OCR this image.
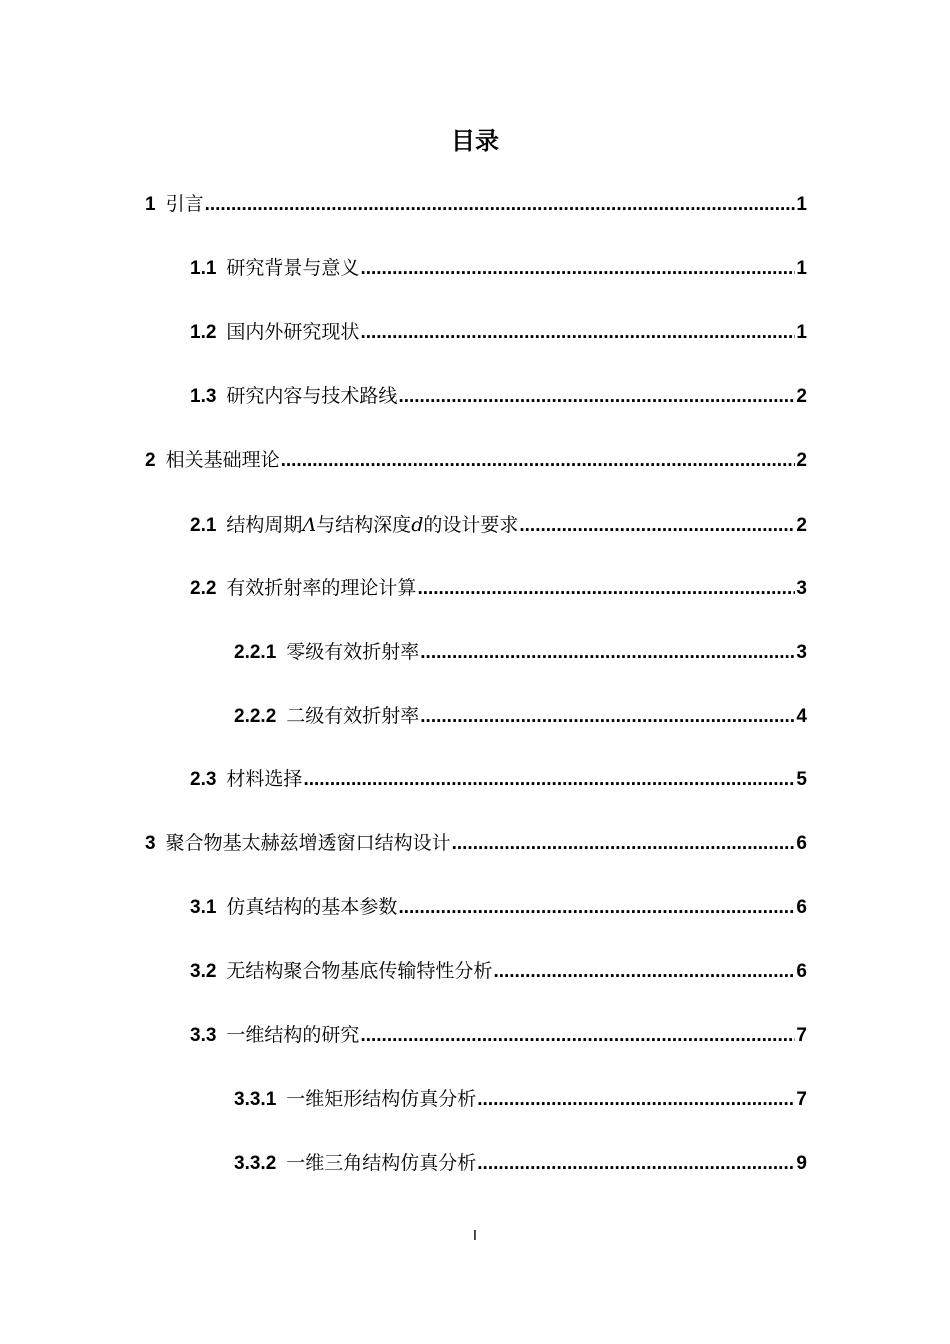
目录
1 引言 .....	1
1.1 研究背景与意义 .....	1
1.2 国内外研究现状 .....	1
1.3 研究内容与技术路线 .....	2
2 相关基础理论 .....	2
2.1 结构周期Λ与结构深度d的设计要求 .....	2
2.2 有效折射率的理论计算 .....	3
2.2.1 零级有效折射率 .....	3
2.2.2 二级有效折射率 .....	4
2.3 材料选择 .....	5
3 聚合物基太赫兹增透窗口结构设计 .....	6
3.1 仿真结构的基本参数 .....	6
3.2 无结构聚合物基底传输特性分析 .....	6
3.3 一维结构的研究 .....	7
3.3.1 一维矩形结构仿真分析 .....	7
3.3.2 一维三角结构仿真分析 .....	9
I
